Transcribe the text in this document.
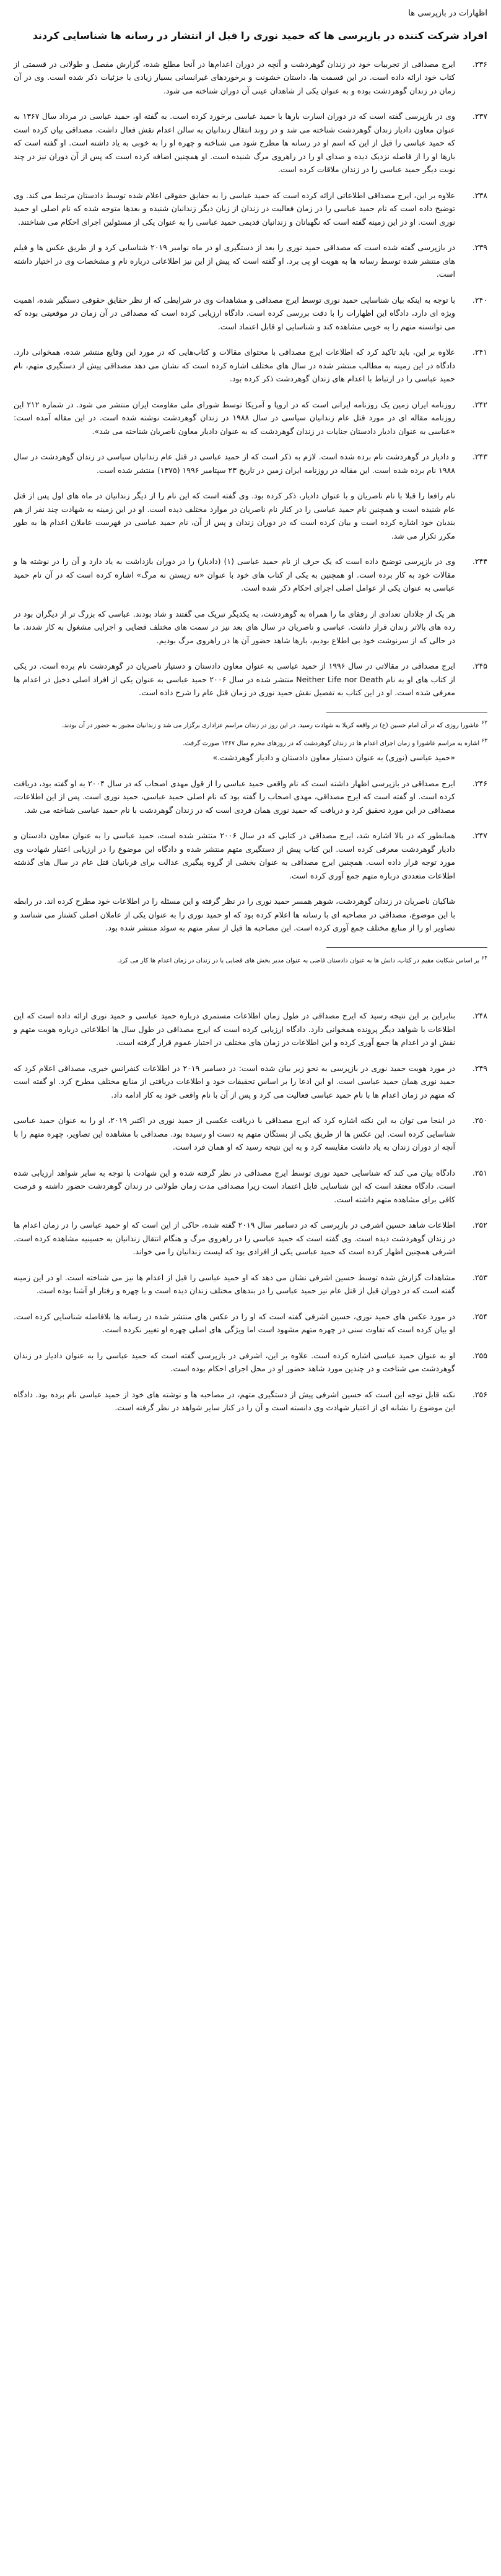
اظهارات در بازپرسی ها
افراد شرکت کننده در بازپرسی ها که حمید نوری را قبل از انتشار در رسانه ها شناسایی کردند
۲۳۶.
ایرج مصداقی از تجربیات خود در زندان گوهردشت و آنچه در دوران اعدام‌ها در آنجا مطلع شده، گزارش مفصل و طولانی در قسمتی از کتاب خود ارائه داده است. در این قسمت ها، داستان خشونت و برخوردهای غیرانسانی بسیار زیادی با جزئیات ذکر شده است. وی در آن زمان در زندان گوهردشت بوده و به عنوان یکی از شاهدان عینی آن دوران شناخته می شود.
۲۳۷.
وی در بازپرسی گفته است که در دوران اسارت بارها با حمید عباسی برخورد کرده است. به گفته او، حمید عباسی در مرداد سال ۱۳۶۷ به عنوان معاون دادیار زندان گوهردشت شناخته می شد و در روند انتقال زندانیان به سالن اعدام نقش فعال داشت. مصداقی بیان کرده است که حمید عباسی را قبل از این که اسم او در رسانه ها مطرح شود می شناخته و چهره او را به خوبی به یاد داشته است. او گفته است که بارها او را از فاصله نزدیک دیده و صدای او را در راهروی مرگ شنیده است. او همچنین اضافه کرده است که پس از آن دوران نیز در چند نوبت دیگر حمید عباسی را در زندان ملاقات کرده است.
۲۳۸.
علاوه بر این، ایرج مصداقی اطلاعاتی ارائه کرده است که حمید عباسی را به حقایق حقوقی اعلام شده توسط دادستان مرتبط می کند. وی توضیح داده است که نام حمید عباسی را در زمان فعالیت در زندان از زبان دیگر زندانیان شنیده و بعدها متوجه شده که نام اصلی او حمید نوری است. او در این زمینه گفته است که نگهبانان و زندانیان قدیمی حمید عباسی را به عنوان یکی از مسئولین اجرای احکام می شناختند.
۲۳۹.
در بازپرسی گفته شده است که مصداقی حمید نوری را بعد از دستگیری او در ماه نوامبر ۲۰۱۹ شناسایی کرد و از طریق عکس ها و فیلم های منتشر شده توسط رسانه ها به هویت او پی برد. او گفته است که پیش از این نیز اطلاعاتی درباره نام و مشخصات وی در اختیار داشته است.
۲۴۰.
با توجه به اینکه بیان شناسایی حمید نوری توسط ایرج مصداقی و مشاهدات وی در شرایطی که از نظر حقایق حقوقی دستگیر شده، اهمیت ویژه ای دارد، دادگاه این اظهارات را با دقت بررسی کرده است. دادگاه ارزیابی کرده است که مصداقی در آن زمان در موقعیتی بوده که می توانسته متهم را به خوبی مشاهده کند و شناسایی او قابل اعتماد است.
۲۴۱.
علاوه بر این، باید تاکید کرد که اطلاعات ایرج مصداقی با محتوای مقالات و کتاب‌هایی که در مورد این وقایع منتشر شده، همخوانی دارد. دادگاه در این زمینه به مطالب منتشر شده در سال های مختلف اشاره کرده است که نشان می دهد مصداقی پیش از دستگیری متهم، نام حمید عباسی را در ارتباط با اعدام های زندان گوهردشت ذکر کرده بود.
۲۴۲.
روزنامه ایران زمین یک روزنامه ایرانی است که در اروپا و آمریکا توسط شورای ملی مقاومت ایران منتشر می شود. در شماره ۲۱۲ این روزنامه مقاله ای در مورد قتل عام زندانیان سیاسی در سال ۱۹۸۸ در زندان گوهردشت نوشته شده است. در این مقاله آمده است: «عباسی به عنوان دادیار دادستان جنایات در زندان گوهردشت که به عنوان دادیار معاون ناصریان شناخته می شد».
۲۴۳.
و دادیار در گوهردشت نام برده شده است. لازم به ذکر است که از حمید عباسی در قتل عام زندانیان سیاسی در زندان گوهردشت در سال ۱۹۸۸ نام برده شده است. این مقاله در روزنامه ایران زمین در تاریخ ۲۳ سپتامبر ۱۹۹۶ (۱۳۷۵) منتشر شده است.
نام رافعا را قبلا با نام ناصریان و با عنوان دادیار، ذکر کرده بود. وی گفته است که این نام را از دیگر زندانیان در ماه های اول پس از قتل عام شنیده است و همچنین نام حمید عباسی را در کنار نام ناصریان در موارد مختلف دیده است. او در این زمینه به شهادت چند نفر از هم بندیان خود اشاره کرده است و بیان کرده است که در دوران زندان و پس از آن، نام حمید عباسی در فهرست عاملان اعدام ها به طور مکرر تکرار می شد.
۲۴۴.
وی در بازپرسی توضیح داده است که یک حرف از نام حمید عباسی (۱) (دادیار) را در دوران بازداشت به یاد دارد و آن را در نوشته ها و مقالات خود به کار برده است. او همچنین به یکی از کتاب های خود با عنوان «نه زیستن نه مرگ» اشاره کرده است که در آن نام حمید عباسی به عنوان یکی از عوامل اصلی اجرای احکام ذکر شده است.
هر یک از جلادان تعدادی از رفقای ما را همراه به گوهردشت، به یکدیگر تبریک می گفتند و شاد بودند. عباسی که بزرگ تر از دیگران بود در رده های بالاتر زندان قرار داشت. عباسی و ناصریان در سال های بعد نیز در سمت های مختلف قضایی و اجرایی مشغول به کار شدند. ما در حالی که از سرنوشت خود بی اطلاع بودیم، بارها شاهد حضور آن ها در راهروی مرگ بودیم.
۲۴۵.
ایرج مصداقی در مقالاتی در سال ۱۹۹۶ از حمید عباسی به عنوان معاون دادستان و دستیار ناصریان در گوهردشت نام برده است. در یکی از کتاب های او به نام Neither Life nor Death منتشر شده در سال ۲۰۰۶ حمید عباسی به عنوان یکی از افراد اصلی دخیل در اعدام ها معرفی شده است. او در این کتاب به تفصیل نقش حمید نوری در زمان قتل عام را شرح داده است.
۶۲ عاشورا روزی که در آن امام حسین (ع) در واقعه کربلا به شهادت رسید. در این روز در زندان مراسم عزاداری برگزار می شد و زندانیان مجبور به حضور در آن بودند.
۶۳ اشاره به مراسم عاشورا و زمان اجرای اعدام ها در زندان گوهردشت که در روزهای محرم سال ۱۳۶۷ صورت گرفت.
«حمید عباسی (نوری) به عنوان دستیار معاون دادستان و دادیار گوهردشت.»
۲۴۶.
ایرج مصداقی در بازپرسی اظهار داشته است که نام واقعی حمید عباسی را از قول مهدی اصحاب که در سال ۲۰۰۴ به او گفته بود، دریافت کرده است. او گفته است که ایرج مصداقی، مهدی اصحاب را گفته بود که نام اصلی حمید عباسی، حمید نوری است. پس از این اطلاعات، مصداقی در این مورد تحقیق کرد و دریافت که حمید نوری همان فردی است که در زندان گوهردشت با نام حمید عباسی شناخته می شد.
۲۴۷.
همانطور که در بالا اشاره شد، ایرج مصداقی در کتابی که در سال ۲۰۰۶ منتشر شده است، حمید عباسی را به عنوان معاون دادستان و دادیار گوهردشت معرفی کرده است. این کتاب پیش از دستگیری متهم منتشر شده و دادگاه این موضوع را در ارزیابی اعتبار شهادت وی مورد توجه قرار داده است. همچنین ایرج مصداقی به عنوان بخشی از گروه پیگیری عدالت برای قربانیان قتل عام در سال های گذشته اطلاعات متعددی درباره متهم جمع آوری کرده است.
شاکیان ناصریان در زندان گوهردشت، شوهر همسر حمید نوری را در نظر گرفته و این مسئله را در اطلاعات خود مطرح کرده اند. در رابطه با این موضوع، مصداقی در مصاحبه ای با رسانه ها اعلام کرده بود که او حمید نوری را به عنوان یکی از عاملان اصلی کشتار می شناسد و تصاویر او را از منابع مختلف جمع آوری کرده است. این مصاحبه ها قبل از سفر متهم به سوئد منتشر شده بود.
۶۴ بر اساس شکایت مقیم در کتاب، دانش ها به عنوان دادستان قاضی به عنوان مدیر بخش های قضایی یا در زندان در زمان اعدام ها کار می کرد.
۲۴۸.
بنابراین بر این نتیجه رسید که ایرج مصداقی در طول زمان اطلاعات مستمری درباره حمید عباسی و حمید نوری ارائه داده است که این اطلاعات با شواهد دیگر پرونده همخوانی دارد. دادگاه ارزیابی کرده است که ایرج مصداقی در طول سال ها اطلاعاتی درباره هویت متهم و نقش او در اعدام ها جمع آوری کرده و این اطلاعات در زمان های مختلف در اختیار عموم قرار گرفته است.
۲۴۹.
در مورد هویت حمید نوری در بازپرسی به نحو زیر بیان شده است: در دسامبر ۲۰۱۹ در اطلاعات کنفرانس خبری، مصداقی اعلام کرد که حمید نوری همان حمید عباسی است. او این ادعا را بر اساس تحقیقات خود و اطلاعات دریافتی از منابع مختلف مطرح کرد. او گفته است که متهم در زمان اعدام ها با نام حمید عباسی فعالیت می کرد و پس از آن با نام واقعی خود به کار ادامه داد.
۲۵۰.
در اینجا می توان به این نکته اشاره کرد که ایرج مصداقی با دریافت عکسی از حمید نوری در اکتبر ۲۰۱۹، او را به عنوان حمید عباسی شناسایی کرده است. این عکس ها از طریق یکی از بستگان متهم به دست او رسیده بود. مصداقی با مشاهده این تصاویر، چهره متهم را با آنچه از دوران زندان به یاد داشت مقایسه کرد و به این نتیجه رسید که او همان فرد است.
۲۵۱.
دادگاه بیان می کند که شناسایی حمید نوری توسط ایرج مصداقی در نظر گرفته شده و این شهادت با توجه به سایر شواهد ارزیابی شده است. دادگاه معتقد است که این شناسایی قابل اعتماد است زیرا مصداقی مدت زمان طولانی در زندان گوهردشت حضور داشته و فرصت کافی برای مشاهده متهم داشته است.
۲۵۲.
اطلاعات شاهد حسین اشرفی در بازپرسی که در دسامبر سال ۲۰۱۹ گفته شده، حاکی از این است که او حمید عباسی را در زمان اعدام ها در زندان گوهردشت دیده است. وی گفته است که حمید عباسی را در راهروی مرگ و هنگام انتقال زندانیان به حسینیه مشاهده کرده است. اشرفی همچنین اظهار کرده است که حمید عباسی یکی از افرادی بود که لیست زندانیان را می خواند.
۲۵۳.
مشاهدات گزارش شده توسط حسین اشرفی نشان می دهد که او حمید عباسی را قبل از اعدام ها نیز می شناخته است. او در این زمینه گفته است که در دوران قبل از قتل عام نیز حمید عباسی را در بندهای مختلف زندان دیده است و با چهره و رفتار او آشنا بوده است.
۲۵۴.
در مورد عکس های حمید نوری، حسین اشرفی گفته است که او را در عکس های منتشر شده در رسانه ها بلافاصله شناسایی کرده است. او بیان کرده است که تفاوت سنی در چهره متهم مشهود است اما ویژگی های اصلی چهره او تغییر نکرده است.
۲۵۵.
او به عنوان حمید عباسی اشاره کرده است. علاوه بر این، اشرفی در بازپرسی گفته است که حمید عباسی را به عنوان دادیار در زندان گوهردشت می شناخت و در چندین مورد شاهد حضور او در محل اجرای احکام بوده است.
۲۵۶.
نکته قابل توجه این است که حسین اشرفی پیش از دستگیری متهم، در مصاحبه ها و نوشته های خود از حمید عباسی نام برده بود. دادگاه این موضوع را نشانه ای از اعتبار شهادت وی دانسته است و آن را در کنار سایر شواهد در نظر گرفته است.
